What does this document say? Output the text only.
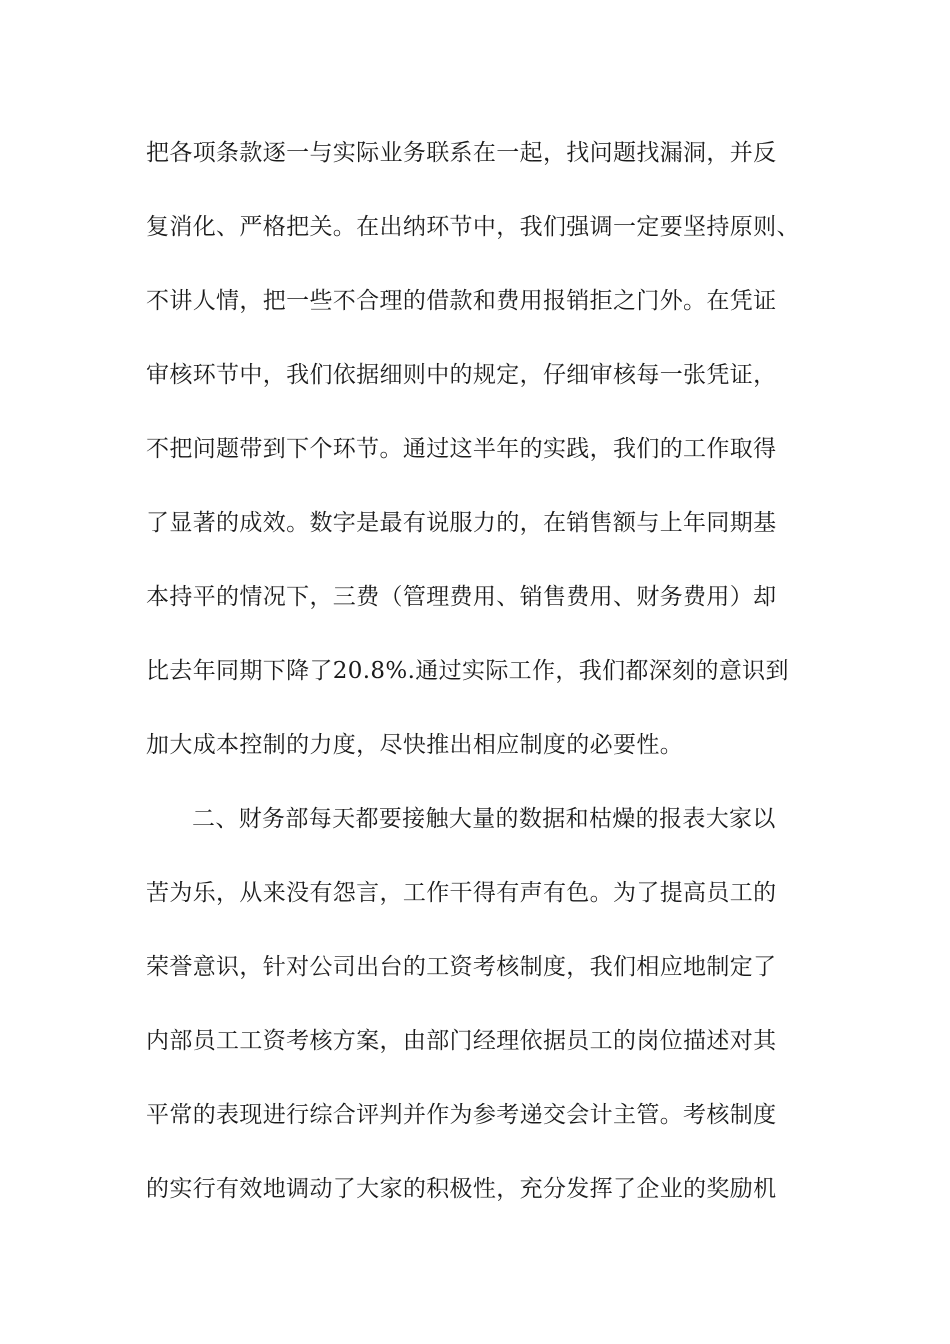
把各项条款逐一与实际业务联系在一起，找问题找漏洞，并反
复消化、严格把关。在出纳环节中，我们强调一定要坚持原则、
不讲人情，把一些不合理的借款和费用报销拒之门外。在凭证
审核环节中，我们依据细则中的规定，仔细审核每一张凭证，
不把问题带到下个环节。通过这半年的实践，我们的工作取得
了显著的成效。数字是最有说服力的，在销售额与上年同期基
本持平的情况下，三费（管理费用、销售费用、财务费用）却
比去年同期下降了20.8%.通过实际工作，我们都深刻的意识到
加大成本控制的力度，尽快推出相应制度的必要性。
二、财务部每天都要接触大量的数据和枯燥的报表大家以
苦为乐，从来没有怨言，工作干得有声有色。为了提高员工的
荣誉意识，针对公司出台的工资考核制度，我们相应地制定了
内部员工工资考核方案，由部门经理依据员工的岗位描述对其
平常的表现进行综合评判并作为参考递交会计主管。考核制度
的实行有效地调动了大家的积极性，充分发挥了企业的奖励机
